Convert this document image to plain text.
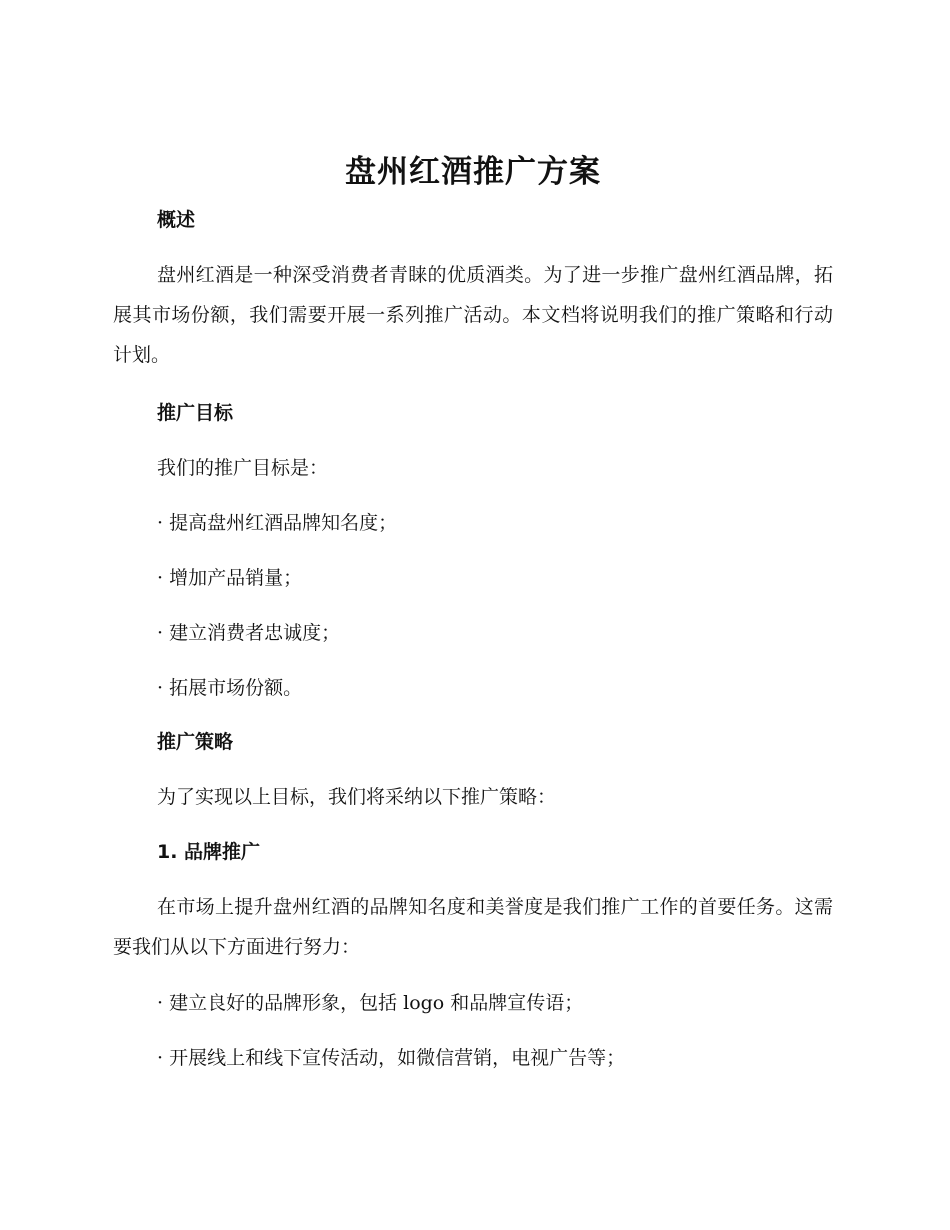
盘州红酒推广方案
概述

盘州红酒是一种深受消费者青睐的优质酒类。为了进一步推广盘州红酒品牌，拓展其市场份额，我们需要开展一系列推广活动。本文档将说明我们的推广策略和行动计划。

推广目标

我们的推广目标是：

· 提高盘州红酒品牌知名度；

· 增加产品销量；

· 建立消费者忠诚度；

· 拓展市场份额。

推广策略

为了实现以上目标，我们将采纳以下推广策略：

1. 品牌推广

在市场上提升盘州红酒的品牌知名度和美誉度是我们推广工作的首要任务。这需要我们从以下方面进行努力：

· 建立良好的品牌形象，包括 logo 和品牌宣传语；

· 开展线上和线下宣传活动，如微信营销，电视广告等；
